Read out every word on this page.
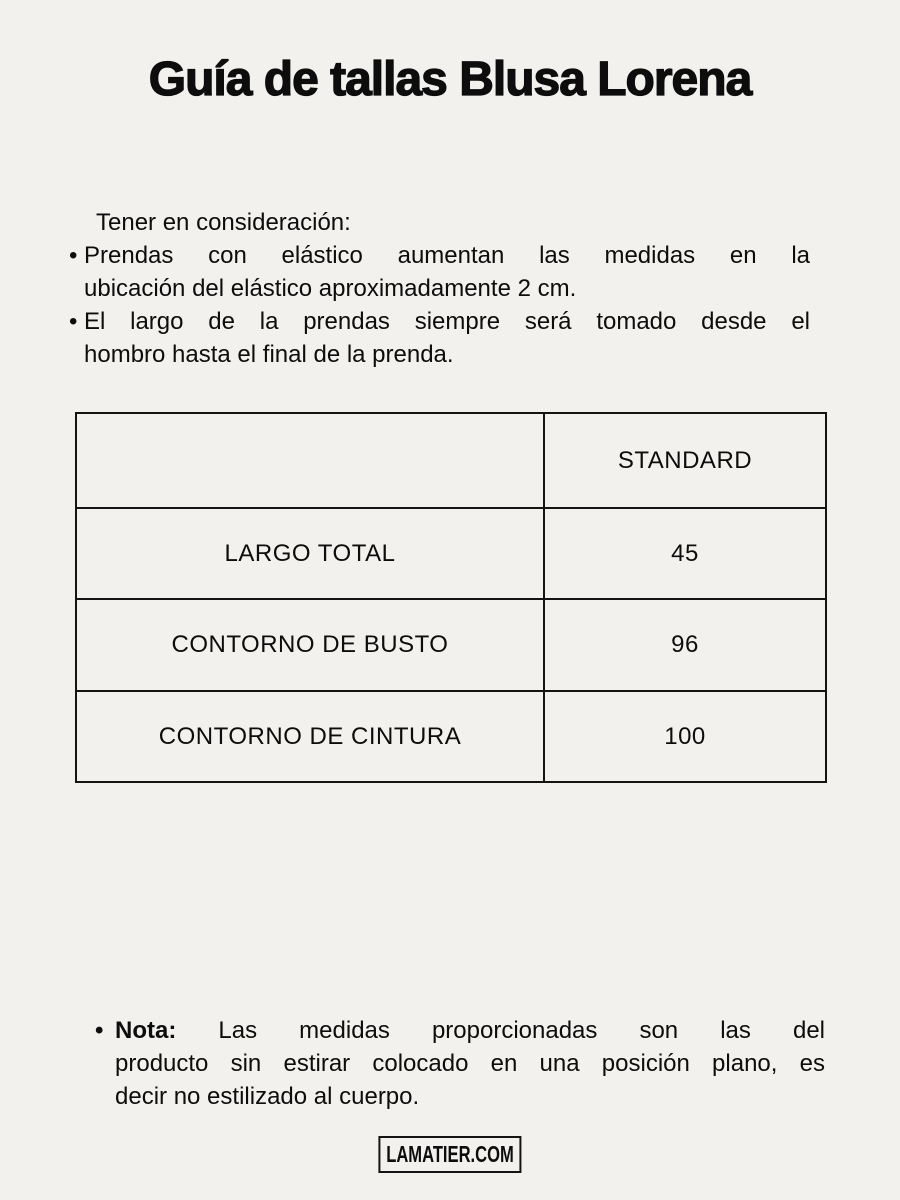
Guía de tallas Blusa Lorena
Tener en consideración:
• Prendas con elástico aumentan las medidas en la
ubicación del elástico aproximadamente 2 cm.
• El largo de la prendas siempre será tomado desde el
hombro hasta el final de la prenda.
	STANDARD
LARGO TOTAL	45
CONTORNO DE BUSTO	96
CONTORNO DE CINTURA	100
• Nota: Las medidas proporcionadas son las del
producto sin estirar colocado en una posición plano, es
decir no estilizado al cuerpo.
LAMATIER.COM
